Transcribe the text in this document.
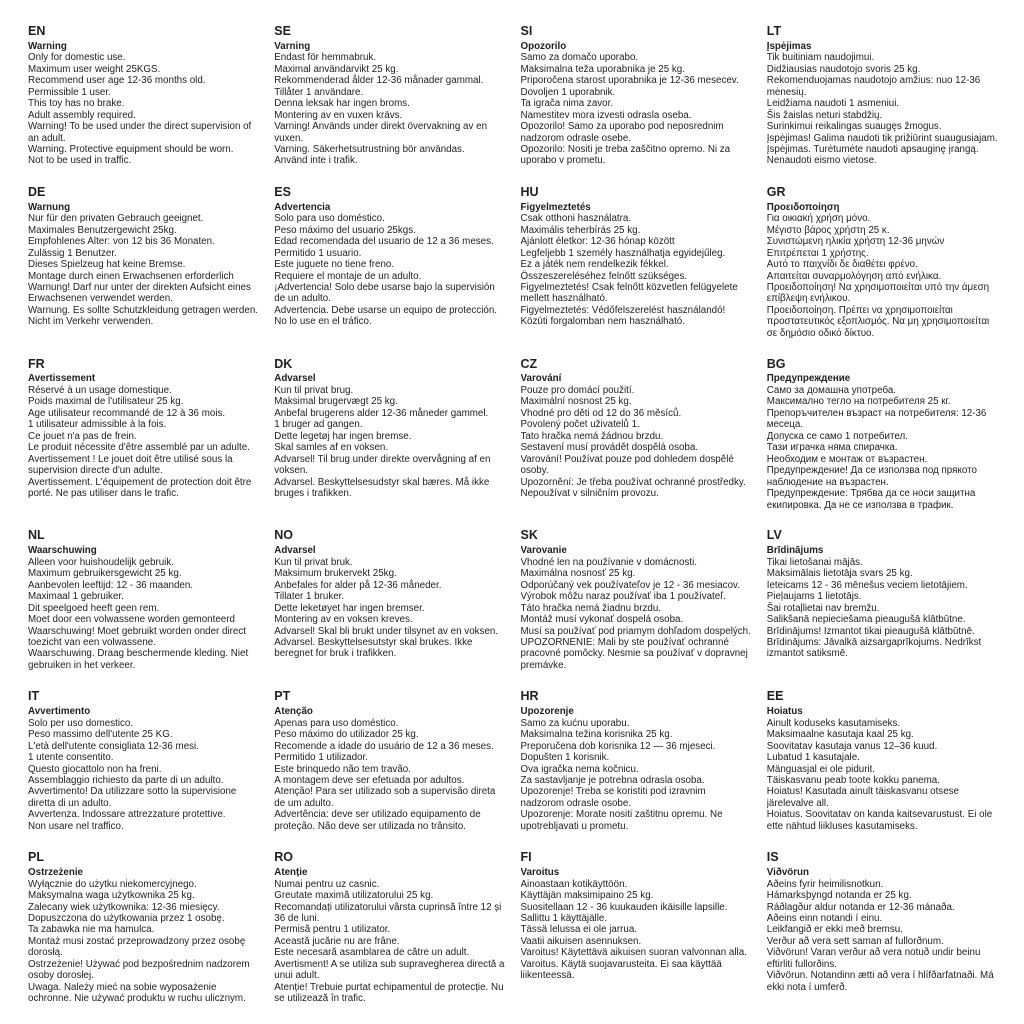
EN
Warning

Only for domestic use.

Maximum user weight 25KGS.

Recommend user age 12-36 months old.

Permissible 1 user.

This toy has no brake.

Adult assembly required.

Warning! To be used under the direct supervision of an adult.

Warning. Protective equipment should be worn.

Not to be used in traffic.

DE
Warnung

Nur für den privaten Gebrauch geeignet.

Maximales Benutzergewicht 25kg.

Empfohlenes Alter: von 12 bis 36 Monaten.

Zulässig 1 Benutzer.

Dieses Spielzeug hat keine Bremse.

Montage durch einen Erwachsenen erforderlich

Warnung! Darf nur unter der direkten Aufsicht eines Erwachsenen verwendet werden.

Warnung. Es sollte Schutzkleidung getragen werden. Nicht im Verkehr verwenden.

FR
Avertissement

Réservé à un usage domestique.

Poids maximal de l'utilisateur 25 kg.

Age utilisateur recommandé de 12 à 36 mois.

1 utilisateur admissible à la fois.

Ce jouet n'a pas de frein.

Le produit nécessite d'être assemblé par un adulte.

Avertissement ! Le jouet doit être utilisé sous la supervision directe d'un adulte.

Avertissement. L'équipement de protection doit être porté. Ne pas utiliser dans le trafic.

NL
Waarschuwing

Alleen voor huishoudelijk gebruik.

Maximum gebruikersgewicht 25 kg.

Aanbevolen leeftijd: 12 - 36 maanden.

Maximaal 1 gebruiker.

Dit speelgoed heeft geen rem.

Moet door een volwassene worden gemonteerd

Waarschuwing! Moet gebruikt worden onder direct toezicht van een volwassene.

Waarschuwing. Draag beschermende kleding. Niet gebruiken in het verkeer.

IT
Avvertimento

Solo per uso domestico.

Peso massimo dell'utente 25 KG.

L'età dell'utente consigliata 12-36 mesi.

1 utente consentito.

Questo giocattolo non ha freni.

Assemblaggio richiesto da parte di un adulto.

Avvertimento! Da utilizzare sotto la supervisione diretta di un adulto.

Avvertenza. Indossare attrezzature protettive.

Non usare nel traffico.

PL
Ostrzeżenie

Wyłącznie do użytku niekomercyjnego.

Maksymalna waga użytkownika 25 kg.

Zalecany wiek użytkownika: 12-36 miesięcy.

Dopuszczona do użytkowania przez 1 osobę.

Ta zabawka nie ma hamulca.

Montaż musi zostać przeprowadzony przez osobę dorosłą.

Ostrzeżenie! Używać pod bezpośrednim nadzorem osoby dorosłej.

Uwaga. Należy mieć na sobie wyposażenie ochronne. Nie używać produktu w ruchu ulicznym.

SE
Varning

Endast för hemmabruk.

Maximal användarvikt 25 kg.

Rekommenderad ålder 12-36 månader gammal.

Tillåter 1 användare.

Denna leksak har ingen broms.

Montering av en vuxen krävs.

Varning! Används under direkt övervakning av en vuxen.

Varning. Säkerhetsutrustning bör användas.

Använd inte i trafik.

ES
Advertencia

Solo para uso doméstico.

Peso máximo del usuario 25kgs.

Edad recomendada del usuario de 12 a 36 meses.

Permitido 1 usuario.

Este juguete no tiene freno.

Requiere el montaje de un adulto.

¡Advertencia! Solo debe usarse bajo la supervisión de un adulto.

Advertencia. Debe usarse un equipo de protección. No lo use en el tráfico.

DK
Advarsel

Kun til privat brug.

Maksimal brugervægt 25 kg.

Anbefal brugerens alder 12-36 måneder gammel.

1 bruger ad gangen.

Dette legetøj har ingen bremse.

Skal samles af en voksen.

Advarsel! Til brug under direkte overvågning af en voksen.

Advarsel. Beskyttelsesudstyr skal bæres. Må ikke bruges i trafikken.

NO
Advarsel

Kun til privat bruk.

Maksimum brukervekt 25kg.

Anbefales for alder på 12-36 måneder.

Tillater 1 bruker.

Dette leketøyet har ingen bremser.

Montering av en voksen kreves.

Advarsel! Skal bli brukt under tilsynet av en voksen.

Advarsel. Beskyttelsesutstyr skal brukes. Ikke beregnet for bruk i trafikken.

PT
Atenção

Apenas para uso doméstico.

Peso máximo do utilizador 25 kg.

Recomende a idade do usuário de 12 a 36 meses.

Permitido 1 utilizador.

Este brinquedo não tem travão.

A montagem deve ser efetuada por adultos.

Atenção! Para ser utilizado sob a supervisão direta de um adulto.

Advertência: deve ser utilizado equipamento de proteção. Não deve ser utilizada no trânsito.

RO
Atenție

Numai pentru uz casnic.

Greutate maximă utilizatorului 25 kg.

Recomandați utilizatorului vârsta cuprinsă între 12 și 36 de luni.

Permisă pentru 1 utilizator.

Această jucărie nu are frâne.

Este necesară asamblarea de către un adult.

Avertisment! A se utiliza sub supravegherea directă a unui adult.

Atenție! Trebuie purtat echipamentul de protecție. Nu se utilizează în trafic.

SI
Opozorilo

Samo za domačo uporabo.

Maksimalna teža uporabnika je 25 kg.

Priporočena starost uporabnika je 12-36 mesecev.

Dovoljen 1 uporabnik.

Ta igrača nima zavor.

Namestitev mora izvesti odrasla oseba.

Opozorilo! Samo za uporabo pod neposrednim nadzorom odrasle osebe.

Opozorilo: Nositi je treba zaščitno opremo. Ni za uporabo v prometu.

HU
Figyelmeztetés

Csak otthoni használatra.

Maximális teherbírás 25 kg.

Ajánlott életkor: 12-36 hónap között

Legfeljebb 1 személy használhatja egyidejűleg.

Ez a játék nem rendelkezik fékkel.

Összeszereléséhez felnőtt szükséges.

Figyelmeztetés! Csak felnőtt közvetlen felügyelete mellett használható.

Figyelmeztetés: Védőfelszerelést használandó!

Közúti forgalomban nem használható.

CZ
Varování

Pouze pro domácí použití.

Maximální nosnost 25 kg.

Vhodné pro děti od 12 do 36 měsíců.

Povolený počet uživatelů 1.

Tato hračka nemá žádnou brzdu.

Sestavení musí provádět dospělá osoba.

Varování! Používat pouze pod dohledem dospělé osoby.

Upozornění: Je třeba používat ochranné prostředky. Nepoužívat v silničním provozu.

SK
Varovanie

Vhodné len na používanie v domácnosti.

Maximálna nosnosť 25 kg.

Odporúčaný vek používateľov je 12 - 36 mesiacov.

Výrobok môžu naraz používať iba 1 používateľ.

Táto hračka nemá žiadnu brzdu.

Montáž musí vykonať dospelá osoba.

Musí sa používať pod priamym dohľadom dospelých.

UPOZORNENIE: Mali by ste používať ochranné pracovné pomôcky. Nesmie sa používať v dopravnej premávke.

HR
Upozorenje

Samo za kućnu uporabu.

Maksimalna težina korisnika 25 kg.

Preporučena dob korisnika 12 — 36 mjeseci.

Dopušten 1 korisnik.

Ova igračka nema kočnicu.

Za sastavljanje je potrebna odrasla osoba.

Upozorenje! Treba se koristiti pod izravnim nadzorom odrasle osobe.

Upozorenje: Morate nositi zaštitnu opremu. Ne upotrebljavati u prometu.

FI
Varoitus

Ainoastaan kotikäyttöön.

Käyttäjän maksimipaino 25 kg.

Suositellaan 12 - 36 kuukauden ikäisille lapsille.

Sallittu 1 käyttäjälle.

Tässä lelussa ei ole jarrua.

Vaatii aikuisen asennuksen.

Varoitus! Käytettävä aikuisen suoran valvonnan alla.

Varoitus. Käytä suojavarusteita. Ei saa käyttää liikenteessä.

LT
Įspėjimas

Tik buitiniam naudojimui.

Didžiausias naudotojo svoris 25 kg.

Rekomenduojamas naudotojo amžius: nuo 12-36 mėnesių.

Leidžiama naudoti 1 asmeniui.

Šis žaislas neturi stabdžių.

Surinkimui reikalingas suaugęs žmogus.

Įspėjimas! Galima naudoti tik prižiūrint suaugusiajam.

Įspėjimas. Turėtumėte naudoti apsauginę įrangą. Nenaudoti eismo vietose.

GR
Προειδοποίηση

Για οικιακή χρήση μόνο.

Μέγιστο βάρος χρήστη 25 κ.

Συνιστώμενη ηλικία χρήστη 12-36 μηνών

Επιτρέπεται 1 χρήστης.

Αυτό το παιχνίδι δε διαθέτει φρένο.

Απαιτείται συναρμολόγηση από ενήλικα.

Προειδοποίηση! Να χρησιμοποιείται υπό την άμεση επίβλεψη ενήλικου.

Προειδοποίηση. Πρέπει να χρησιμοποιείται προστατευτικός εξοπλισμός. Να μη χρησιμοποιείται σε δημόσιο οδικό δίκτυο.

BG
Предупреждение

Само за домашна употреба.

Максимално тегло на потребителя 25 кг.

Препоръчителен възраст на потребителя: 12-36 месеца.

Допуска се само 1 потребител.

Тази играчка няма спирачка.

Необходим е монтаж от възрастен.

Предупреждение! Да се използва под прякото наблюдение на възрастен.

Предупреждение: Трябва да се носи защитна екипировка. Да не се използва в трафик.

LV
Brīdinājums

Tikai lietošanai mājās.

Maksimālais lietotāja svars 25 kg.

Ieteicams 12 - 36 mēnešus veciem lietotājiem.

Pieļaujams 1 lietotājs.

Šai rotaļlietai nav bremžu.

Salikšanā nepieciešama pieaugušā klātbūtne.

Brīdinājums! Izmantot tikai pieaugušā klātbūtnē.

Brīdinājums: Jāvalkā aizsargaprīkojums. Nedrīkst izmantot satiksmē.

EE
Hoiatus

Ainult koduseks kasutamiseks.

Maksimaalne kasutaja kaal 25 kg.

Soovitatav kasutaja vanus 12–36 kuud.

Lubatud 1 kasutajale.

Mänguasjal ei ole pidurit.

Täiskasvanu peab toote kokku panema.

Hoiatus! Kasutada ainult täiskasvanu otsese järelevalve all.

Hoiatus. Soovitatav on kanda kaitsevarustust. Ei ole ette nähtud liikluses kasutamiseks.

IS
Viðvörun

Aðeins fyrir heimilisnotkun.

Hámarksþyngd notanda er 25 kg.

Ráðlagður aldur notanda er 12-36 mánaða.

Aðeins einn notandi í einu.

Leikfangið er ekki með bremsu.

Verður að vera sett saman af fullorðnum.

Viðvörun! Varan verður að vera notuð undir beinu eftirliti fullorðins.

Viðvörun. Notandinn ætti að vera í hlífðarfatnaði. Má ekki nota í umferð.
